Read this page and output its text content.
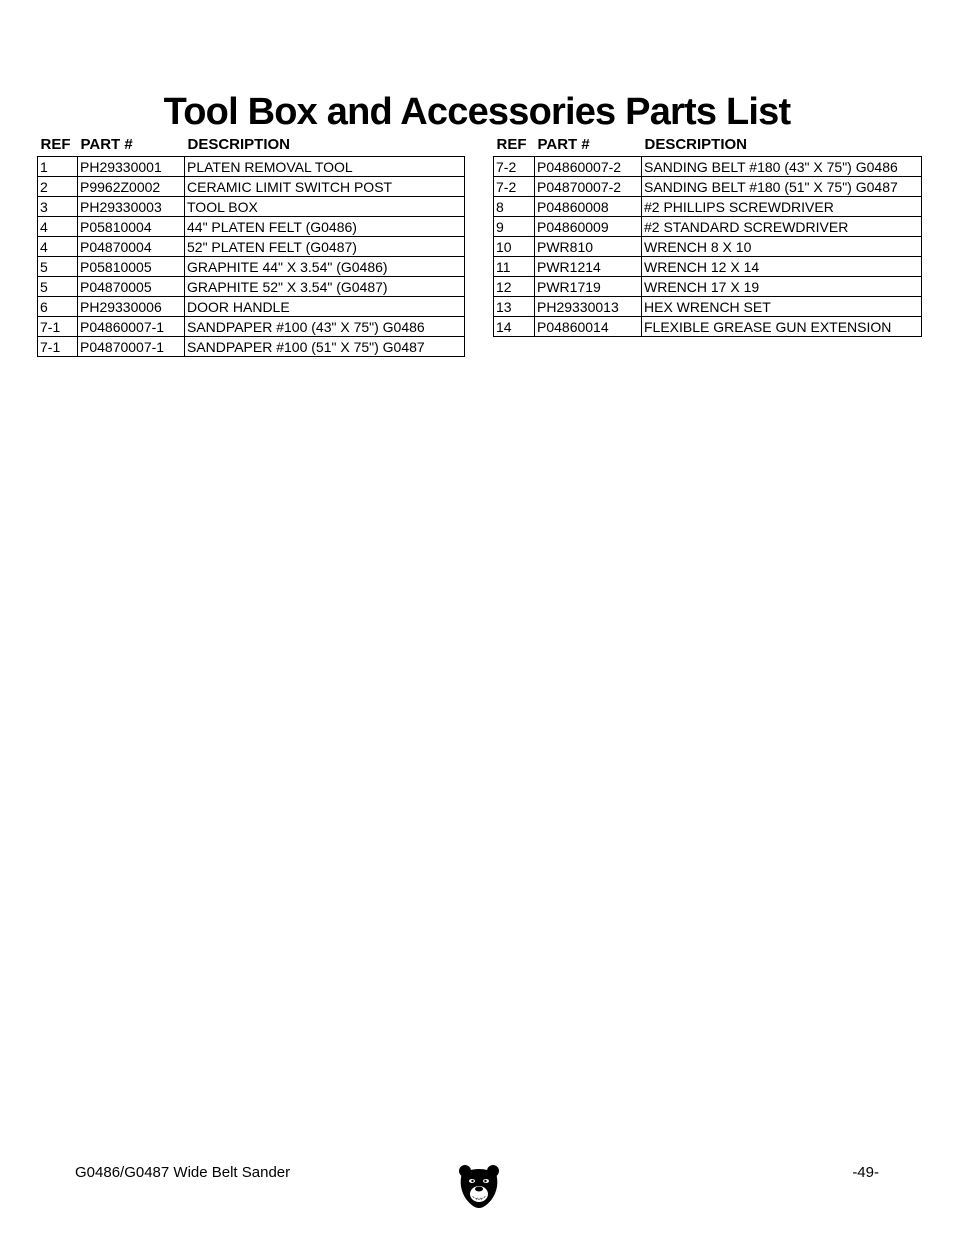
Tool Box and Accessories Parts List
REF	PART #	DESCRIPTION
1	PH29330001	PLATEN REMOVAL TOOL
2	P9962Z0002	CERAMIC LIMIT SWITCH POST
3	PH29330003	TOOL BOX
4	P05810004	44" PLATEN FELT (G0486)
4	P04870004	52" PLATEN FELT (G0487)
5	P05810005	GRAPHITE 44" X 3.54" (G0486)
5	P04870005	GRAPHITE 52" X 3.54" (G0487)
6	PH29330006	DOOR HANDLE
7-1	P04860007-1	SANDPAPER #100 (43" X 75") G0486
7-1	P04870007-1	SANDPAPER #100 (51" X 75") G0487
REF	PART #	DESCRIPTION
7-2	P04860007-2	SANDING BELT #180 (43" X 75") G0486
7-2	P04870007-2	SANDING BELT #180 (51" X 75") G0487
8	P04860008	#2 PHILLIPS SCREWDRIVER
9	P04860009	#2 STANDARD SCREWDRIVER
10	PWR810	WRENCH 8 X 10
11	PWR1214	WRENCH 12 X 14
12	PWR1719	WRENCH 17 X 19
13	PH29330013	HEX WRENCH SET
14	P04860014	FLEXIBLE GREASE GUN EXTENSION
G0486/G0487 Wide Belt Sander	-49-
